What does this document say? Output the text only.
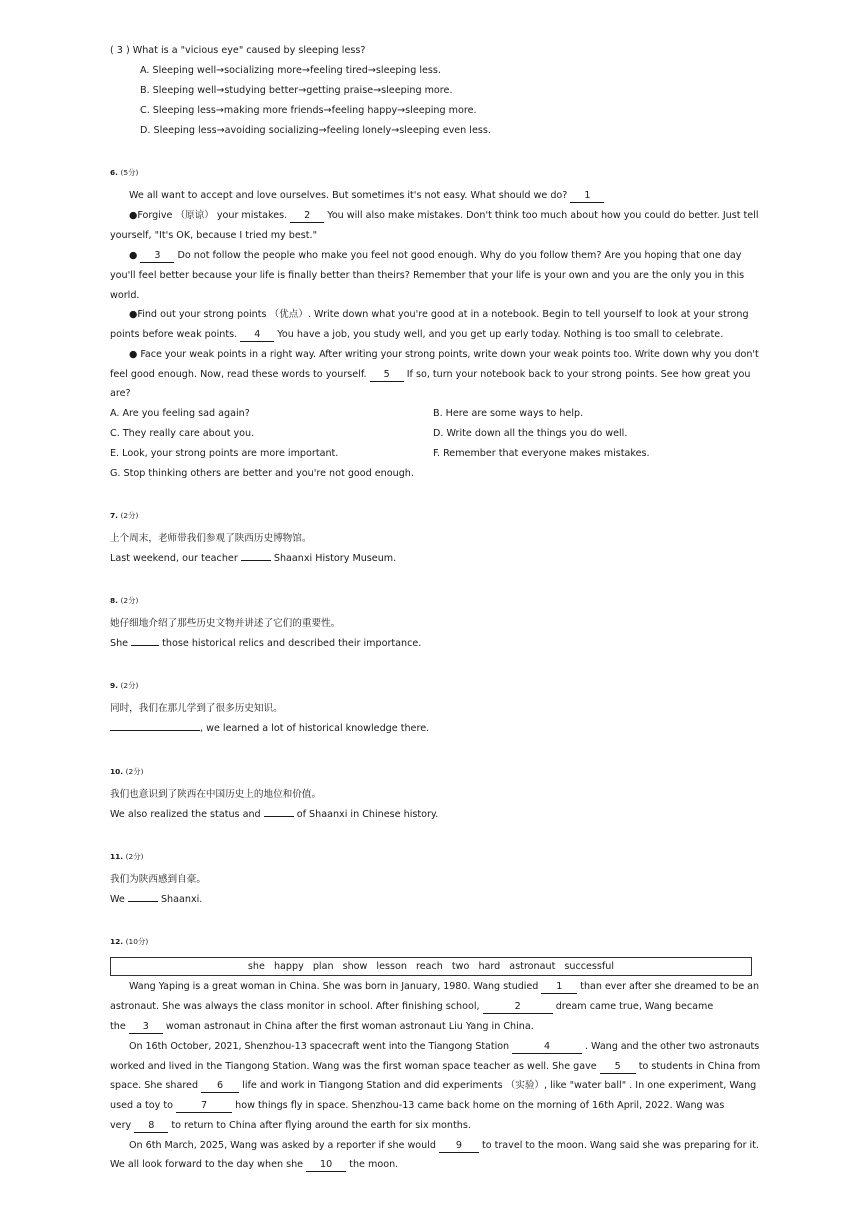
( 3 ) What is a "vicious eye" caused by sleeping less?
A. Sleeping well→socializing more→feeling tired→sleeping less.
B. Sleeping well→studying better→getting praise→sleeping more.
C. Sleeping less→making more friends→feeling happy→sleeping more.
D. Sleeping less→avoiding socializing→feeling lonely→sleeping even less.
6. (5分)
We all want to accept and love ourselves. But sometimes it's not easy. What should we do? 1
●Forgive （原谅） your mistakes. 2 You will also make mistakes. Don't think too much about how you could do better. Just tell
yourself, "It's OK, because I tried my best."
● 3 Do not follow the people who make you feel not good enough. Why do you follow them? Are you hoping that one day
you'll feel better because your life is finally better than theirs? Remember that your life is your own and you are the only you in this
world.
●Find out your strong points （优点）. Write down what you're good at in a notebook. Begin to tell yourself to look at your strong
points before weak points. 4 You have a job, you study well, and you get up early today. Nothing is too small to celebrate.
● Face your weak points in a right way. After writing your strong points, write down your weak points too. Write down why you don't
feel good enough. Now, read these words to yourself. 5 If so, turn your notebook back to your strong points. See how great you
are?
A. Are you feeling sad again?	B. Here are some ways to help.
C. They really care about you.	D. Write down all the things you do well.
E. Look, your strong points are more important.	F. Remember that everyone makes mistakes.
G. Stop thinking others are better and you're not good enough.
7. (2分)
上个周末，老师带我们参观了陕西历史博物馆。
Last weekend, our teacher	Shaanxi History Museum.
8. (2分)
她仔细地介绍了那些历史文物并讲述了它们的重要性。
She	those historical relics and described their importance.
9. (2分)
同时，我们在那儿学到了很多历史知识。
, we learned a lot of historical knowledge there.
10. (2分)
我们也意识到了陕西在中国历史上的地位和价值。
We also realized the status and	of Shaanxi in Chinese history.
11. (2分)
我们为陕西感到自豪。
We	Shaanxi.
12. (10分)
she happy plan show lesson reach two hard astronaut successful
Wang Yaping is a great woman in China. She was born in January, 1980. Wang studied 1 than ever after she dreamed to be an
astronaut. She was always the class monitor in school. After finishing school,	2	dream came true, Wang became
the 3 woman astronaut in China after the first woman astronaut Liu Yang in China.
On 16th October, 2021, Shenzhou-13 spacecraft went into the Tiangong Station	4	. Wang and the other two astronauts
worked and lived in the Tiangong Station. Wang was the first woman space teacher as well. She gave 5 to students in China from
space. She shared 6 life and work in Tiangong Station and did experiments （实验）, like "water ball" . In one experiment, Wang
used a toy to	7	how things fly in space. Shenzhou-13 came back home on the morning of 16th April, 2022. Wang was
very 8 to return to China after flying around the earth for six months.
On 6th March, 2025, Wang was asked by a reporter if she would 9 to travel to the moon. Wang said she was preparing for it.
We all look forward to the day when she 10 the moon.
